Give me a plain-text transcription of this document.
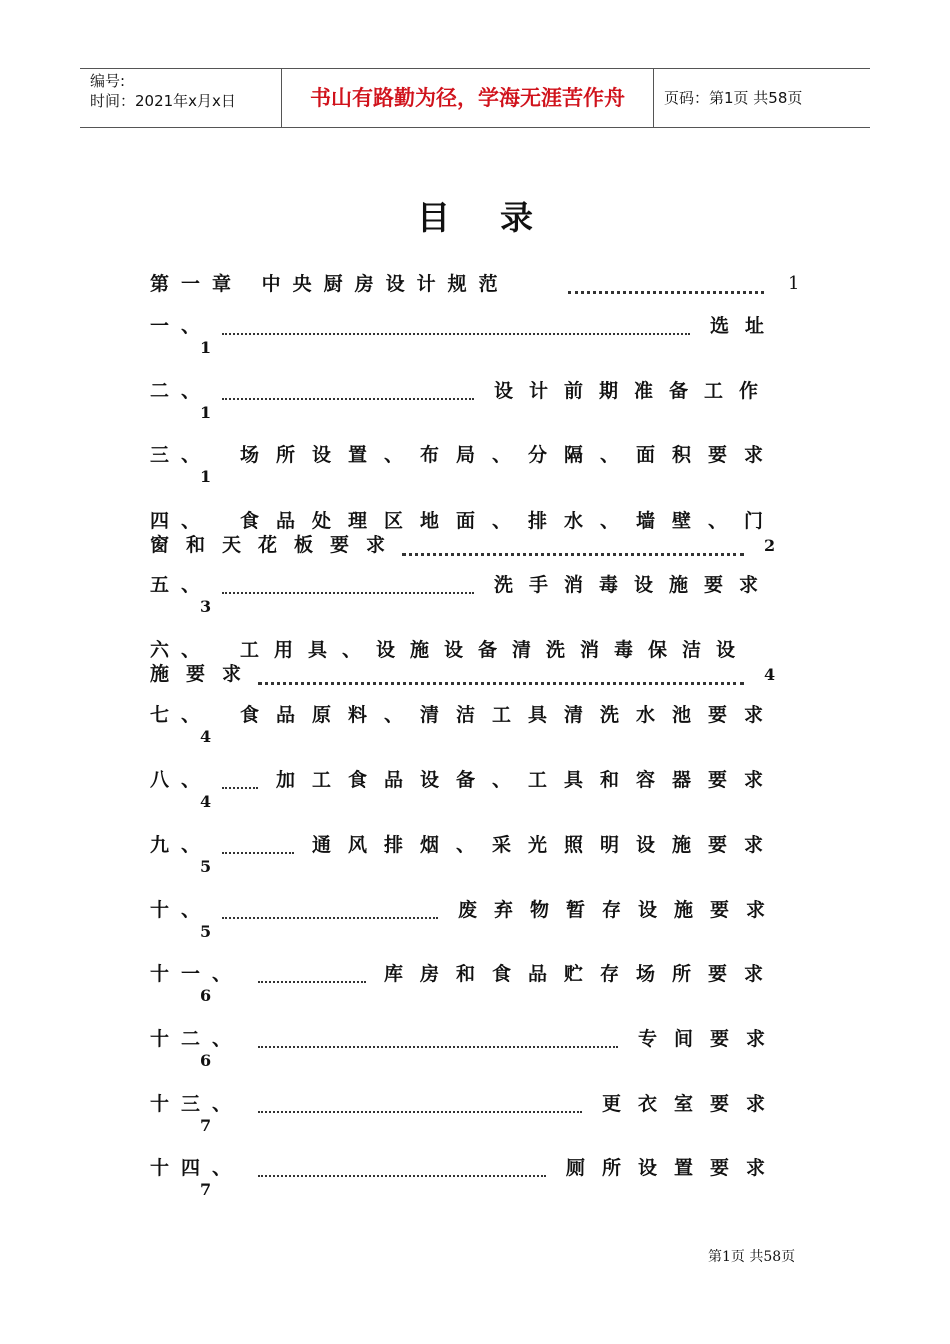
编号:
时间：2021年x月x日	书山有路勤为径，学海无涯苦作舟	页码：第1页 共58页
目录
第一章 中央厨房设计规范	1
一、	选址
1
二、	设计前期准备工作
1
三、 场所设置、布局、分隔、面积要求
1
四、 食品处理区地面、排水、墙壁、门
窗和天花板要求	2
五、	洗手消毒设施要求
3
六、 工用具、设施设备清洗消毒保洁设
施要求	4
七、 食品原料、清洁工具清洗水池要求
4
八、	加工食品设备、工具和容器要求
4
九、	通风排烟、采光照明设施要求
5
十、	废弃物暂存设施要求
5
十一、	库房和食品贮存场所要求
6
十二、	专间要求
6
十三、	更衣室要求
7
十四、	厕所设置要求
7
第1页 共58页
